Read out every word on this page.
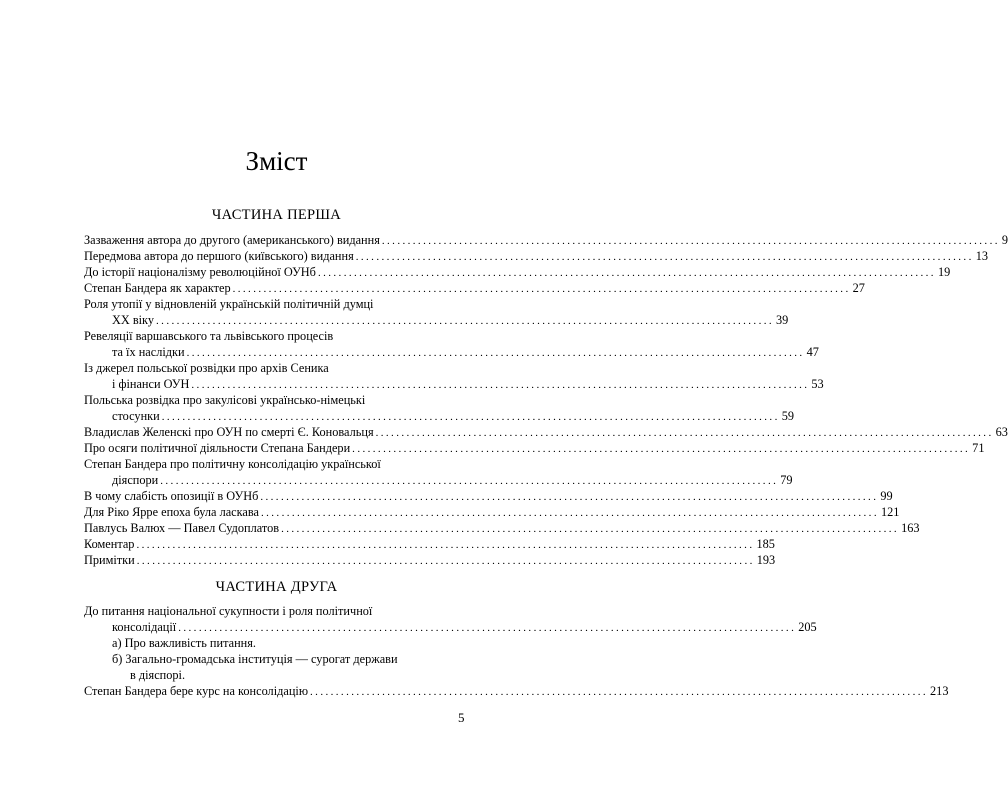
Зміст
ЧАСТИНА ПЕРША
Зазваження автора до другого (американського) видання ........................................................................................................................ 9
Передмова автора до першого (київського) видання ........................................................................................................................ 13
До історії націоналізму революційної ОУНб ........................................................................................................................ 19
Степан Бандера як характер ........................................................................................................................ 27
Роля утопії у відновленій українській політичній думці
XX віку ........................................................................................................................ 39
Ревеляції варшавського та львівського процесів
та їх наслідки ........................................................................................................................ 47
Із джерел польської розвідки про архів Сеника
і фінанси ОУН ........................................................................................................................ 53
Польська розвідка про закулісові українсько-німецькі
стосунки ........................................................................................................................ 59
Владислав Желенскі про ОУН по смерті Є. Коновальця ........................................................................................................................ 63
Про осяги політичної діяльности Степана Бандери ........................................................................................................................ 71
Степан Бандера про політичну консолідацію української
діяспори ........................................................................................................................ 79
В чому слабість опозиції в ОУНб ........................................................................................................................ 99
Для Ріко Ярре епоха була ласкава ........................................................................................................................ 121
Павлусь Валюх — Павел Судоплатов ........................................................................................................................ 163
Коментар ........................................................................................................................ 185
Примітки ........................................................................................................................ 193
ЧАСТИНА ДРУГА
До питання національної сукупности і роля політичної
консолідації ........................................................................................................................ 205
а) Про важливість питання.
б) Загально-громадська інституція — сурогат держави
в діяспорі.
Степан Бандера бере курс на консолідацію ........................................................................................................................ 213
5
